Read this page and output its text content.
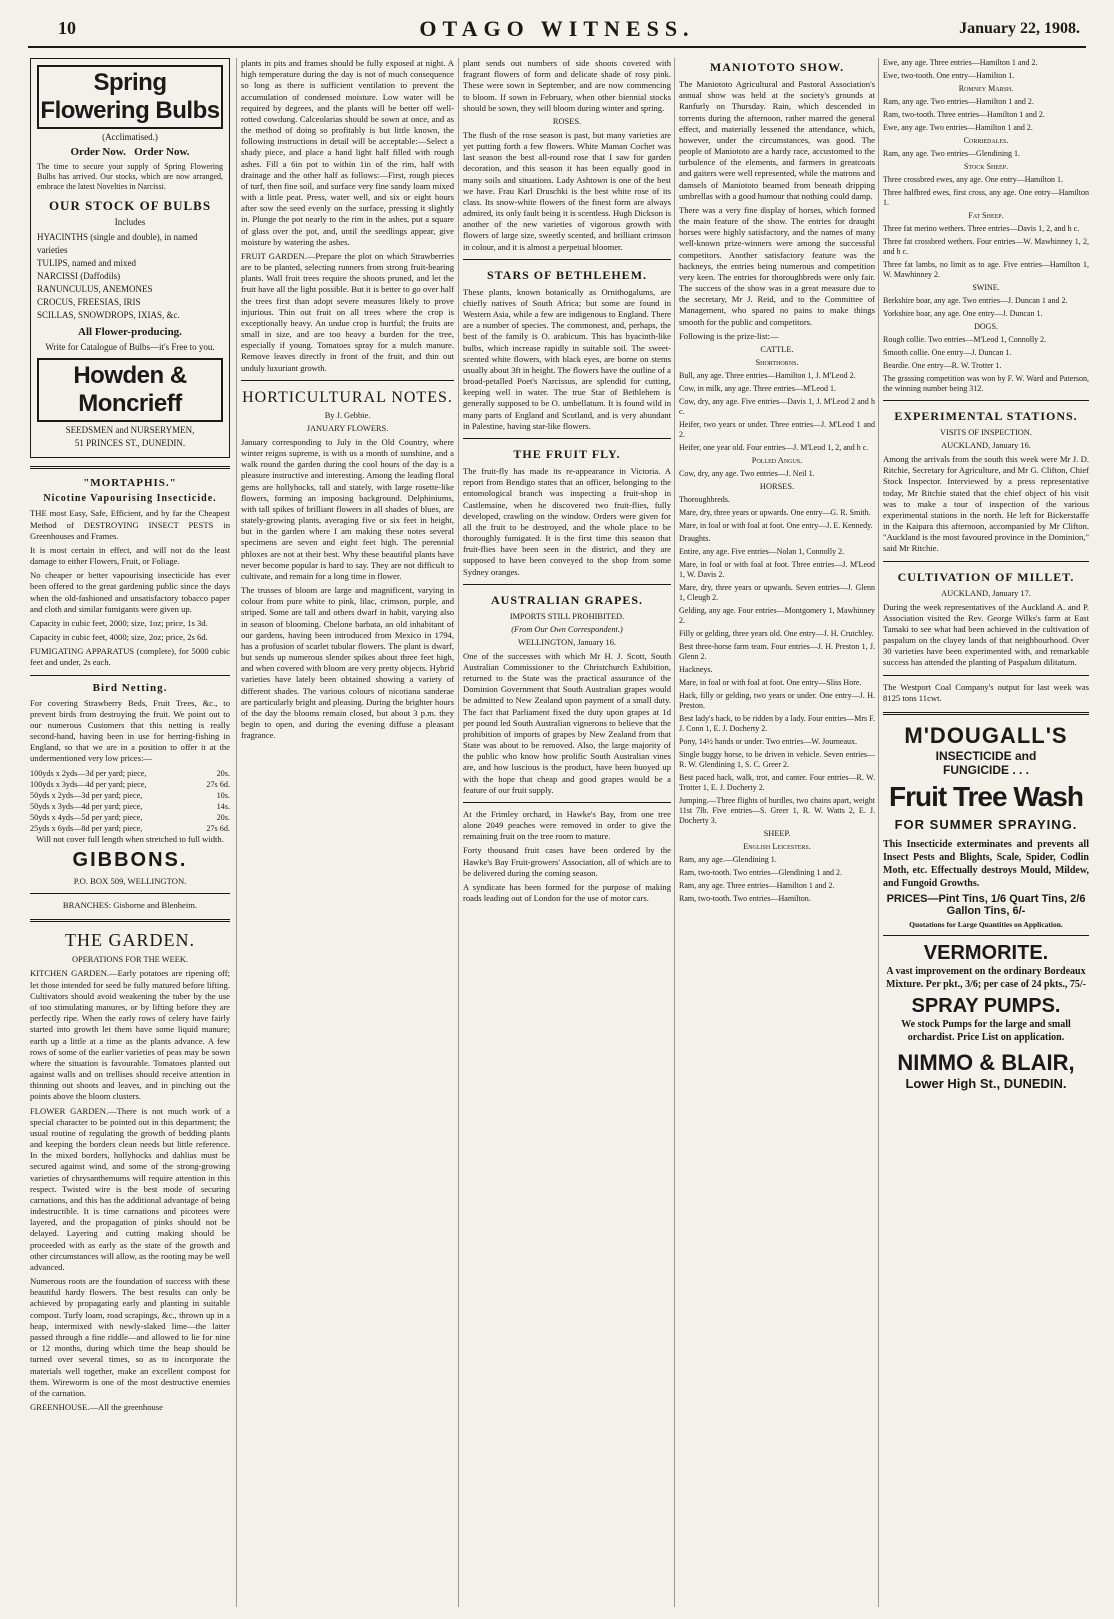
10	OTAGO WITNESS.	January 22, 1908.
Spring Flowering Bulbs
(Acclimatised.)
Order Now.   Order Now.

The time to secure your supply of Spring Flowering Bulbs has arrived. Our stocks, which are now arranged, embrace the latest Novelties in Narcissi.

OUR STOCK OF BULBS
Includes
HYACINTHS (single and double), in named varieties
TULIPS, named and mixed
NARCISSI (Daffodils)
RANUNCULUS, ANEMONES
CROCUS, FREESIAS, IRIS
SCILLAS, SNOWDROPS, IXIAS, &c.
All Flower-producing.
Write for Catalogue of Bulbs—it's Free to you.
Howden & Moncrieff
SEEDSMEN and NURSERYMEN,
51 PRINCES ST., DUNEDIN.
"MORTAPHIS."
Nicotine Vapourising Insecticide.

THE most Easy, Safe, Efficient, and by far the Cheapest Method of DESTROYING INSECT PESTS in Greenhouses and Frames.

It is most certain in effect, and will not do the least damage to either Flowers, Fruit, or Foliage.

No cheaper or better vapourising insecticide has ever been offered to the great gardening public since the days when the old-fashioned and unsatisfactory tobacco paper and cloth and similar fumigants were given up.

Capacity in cubic feet, 2000; size, 1oz; price, 1s 3d.

Capacity in cubic feet, 4000; size, 2oz; price, 2s 6d.

FUMIGATING APPARATUS (complete), for 5000 cubic feet and under, 2s each.

Bird Netting.

For covering Strawberry Beds, Fruit Trees, &c., to prevent birds from destroying the fruit. We point out to our numerous Customers that this netting is really second-hand, having been in use for herring-fishing in England, so that we are in a position to offer it at the undermentioned very low prices:—

100yds x 2yds—3d per yard; piece,	20s.
100yds x 3yds—4d per yard; piece,	27s 6d.
50yds x 2yds—3d per yard; piece,	10s.
50yds x 3yds—4d per yard; piece,	14s.
50yds x 4yds—5d per yard; piece,	20s.
25yds x 6yds—8d per yard; piece,	27s 6d.

Will not cover full length when stretched to full width.

GIBBONS.

P.O. BOX 509, WELLINGTON.

BRANCHES: Gisborne and Blenheim.

THE GARDEN.
OPERATIONS FOR THE WEEK.

KITCHEN GARDEN.—Early potatoes are ripening off; let those intended for seed be fully matured before lifting. Cultivators should avoid weakening the tuber by the use of too stimulating manures, or by lifting before they are perfectly ripe. When the early rows of celery have fairly started into growth let them have some liquid manure; earth up a little at a time as the plants advance. A few rows of some of the earlier varieties of peas may be sown where the situation is favourable. Tomatoes planted out against walls and on trellises should receive attention in thinning out shoots and leaves, and in pinching out the points above the bloom clusters.

FLOWER GARDEN.—There is not much work of a special character to be pointed out in this department; the usual routine of regulating the growth of bedding plants and keeping the borders clean needs but little reference. In the mixed borders, hollyhocks and dahlias must be secured against wind, and some of the strong-growing varieties of chrysanthemums will require attention in this respect. Twisted wire is the best mode of securing carnations, and this has the additional advantage of being indestructible. It is time carnations and picotees were layered, and the propagation of pinks should not be delayed. Layering and cutting making should be proceeded with as early as the state of the growth and other circumstances will allow, as the rooting may be well advanced.

Numerous roots are the foundation of success with these beautiful hardy flowers. The best results can only be achieved by propagating early and planting in suitable compost. Turfy loam, road scrapings, &c., thrown up in a heap, intermixed with newly-slaked lime—the latter passed through a fine riddle—and allowed to lie for nine or 12 months, during which time the heap should be turned over several times, so as to incorporate the materials well together, make an excellent compost for them. Wireworm is one of the most destructive enemies of the carnation.

GREENHOUSE.—All the greenhouse

plants in pits and frames should be fully exposed at night. A high temperature during the day is not of much consequence so long as there is sufficient ventilation to prevent the accumulation of condensed moisture. Low water will be required by degrees, and the plants will be better off well-rotted cowdung. Calceolarias should be sown at once, and as the method of doing so profitably is but little known, the following instructions in detail will be acceptable:—Select a shady piece, and place a hand light half filled with rough ashes. Fill a 6in pot to within 1in of the rim, half with drainage and the other half as follows:—First, rough pieces of turf, then fine soil, and surface very fine sandy loam mixed with a little peat. Press, water well, and six or eight hours after sow the seed evenly on the surface, pressing it slightly in. Plunge the pot nearly to the rim in the ashes, put a square of glass over the pot, and, until the seedlings appear, give moisture by watering the ashes.

FRUIT GARDEN.—Prepare the plot on which Strawberries are to be planted, selecting runners from strong fruit-bearing plants. Wall fruit trees require the shoots pruned, and let the fruit have all the light possible. But it is better to go over half the trees first than adopt severe measures likely to prove injurious. Thin out fruit on all trees where the crop is exceptionally heavy. An undue crop is hurtful; the fruits are small in size, and are too heavy a burden for the tree, especially if young. Tomatoes spray for a mulch manure. Remove leaves directly in front of the fruit, and thin out unduly luxuriant growth.

HORTICULTURAL NOTES.
By J. Gebbie.
JANUARY FLOWERS.

January corresponding to July in the Old Country, where winter reigns supreme, is with us a month of sunshine, and a walk round the garden during the cool hours of the day is a pleasure instructive and interesting. Among the leading floral gems are hollyhocks, tall and stately, with large rosette-like flowers, forming an imposing background. Delphiniums, with tall spikes of brilliant flowers in all shades of blues, are stately-growing plants, averaging five or six feet in height, but in the garden where I am making these notes several specimens are seven and eight feet high. The perennial phloxes are not at their best. Why these beautiful plants have never become popular is hard to say. They are not difficult to cultivate, and remain for a long time in flower.

The trusses of bloom are large and magnificent, varying in colour from pure white to pink, lilac, crimson, purple, and striped. Some are tall and others dwarf in habit, varying also in season of blooming. Chelone barbata, an old inhabitant of our gardens, having been introduced from Mexico in 1794, has a profusion of scarlet tubular flowers. The plant is dwarf, but sends up numerous slender spikes about three feet high, and when covered with bloom are very pretty objects. Hybrid varieties have lately been obtained showing a variety of different shades. The various colours of nicotiana sanderae are particularly bright and pleasing. During the brighter hours of the day the blooms remain closed, but about 3 p.m. they begin to open, and during the evening diffuse a pleasant fragrance.

plant sends out numbers of side shoots covered with fragrant flowers of form and delicate shade of rosy pink. These were sown in September, and are now commencing to bloom. If sown in February, when other biennial stocks should be sown, they will bloom during winter and spring.

ROSES.

The flush of the rose season is past, but many varieties are yet putting forth a few flowers. White Maman Cochet was last season the best all-round rose that I saw for garden decoration, and this season it has been equally good in many soils and situations. Lady Ashtown is one of the best we have. Frau Karl Druschki is the best white rose of its class. Its snow-white flowers of the finest form are always admired, its only fault being it is scentless. Hugh Dickson is another of the new varieties of vigorous growth with flowers of large size, sweetly scented, and brilliant crimson in colour, and it is almost a perpetual bloomer.

STARS OF BETHLEHEM.

These plants, known botanically as Ornithogalums, are chiefly natives of South Africa; but some are found in Western Asia, while a few are indigenous to England. There are a number of species. The commonest, and, perhaps, the best of the family is O. arabicum. This has hyacinth-like bulbs, which increase rapidly in suitable soil. The sweet-scented white flowers, with black eyes, are borne on stems usually about 3ft in height. The flowers have the outline of a broad-petalled Poet's Narcissus, are splendid for cutting, keeping well in water. The true Star of Bethlehem is generally supposed to be O. umbellatum. It is found wild in many parts of England and Scotland, and is very abundant in Palestine, having star-like flowers.

THE FRUIT FLY.

The fruit-fly has made its re-appearance in Victoria. A report from Bendigo states that an officer, belonging to the entomological branch was inspecting a fruit-shop in Castlemaine, when he discovered two fruit-flies, fully developed, crawling on the window. Orders were given for all the fruit to be destroyed, and the whole place to be thoroughly fumigated. It is the first time this season that fruit-flies have been seen in the district, and they are supposed to have been conveyed to the shop from some Sydney oranges.

AUSTRALIAN GRAPES.
IMPORTS STILL PROHIBITED.
(From Our Own Correspondent.)
WELLINGTON, January 16.

One of the successes with which Mr H. J. Scott, South Australian Commissioner to the Christchurch Exhibition, returned to the State was the practical assurance of the Dominion Government that South Australian grapes would be admitted to New Zealand upon payment of a small duty. The fact that Parliament fixed the duty upon grapes at 1d per pound led South Australian vignerons to believe that the prohibition of imports of grapes by New Zealand from that State was about to be removed. Also, the large majority of the public who know how prolific South Australian vines are, and how luscious is the product, have been buoyed up with the hope that cheap and good grapes would be a feature of our fruit supply.

At the Frimley orchard, in Hawke's Bay, from one tree alone 2049 peaches were removed in order to give the remaining fruit on the tree room to mature.

Forty thousand fruit cases have been ordered by the Hawke's Bay Fruit-growers' Association, all of which are to be delivered during the coming season.

A syndicate has been formed for the purpose of making roads leading out of London for the use of motor cars.

MANIOTOTO SHOW.

The Maniototo Agricultural and Pastoral Association's annual show was held at the society's grounds at Ranfurly on Thursday. Rain, which descended in torrents during the afternoon, rather marred the general effect, and materially lessened the attendance, which, however, under the circumstances, was good. The people of Maniototo are a hardy race, accustomed to the turbulence of the elements, and farmers in greatcoats and gaiters were well represented, while the matrons and damsels of Maniototo beamed from beneath dripping umbrellas with a good humour that nothing could damp.

There was a very fine display of horses, which formed the main feature of the show. The entries for draught horses were highly satisfactory, and the names of many well-known prize-winners were among the successful competitors. Another satisfactory feature was the hackneys, the entries being numerous and competition very keen. The entries for thoroughbreds were only fair. The success of the show was in a great measure due to the secretary, Mr J. Reid, and to the Committee of Management, who spared no pains to make things smooth for the public and competitors.

Following is the prize-list:—

CATTLE.
Shorthorns.

Bull, any age. Three entries—Hamilton 1, J. M'Leod 2.

Cow, in milk, any age. Three entries—M'Leod 1.

Cow, dry, any age. Five entries—Davis 1, J. M'Leod 2 and h c.

Heifer, two years or under. Three entries—J. M'Leod 1 and 2.

Heifer, one year old. Four entries—J. M'Leod 1, 2, and h c.

Polled Angus.

Cow, dry, any age. Two entries—J. Neil 1.

HORSES.

Thoroughbreds.

Mare, dry, three years or upwards. One entry—G. R. Smith.

Mare, in foal or with foal at foot. One entry—J. E. Kennedy.

Draughts.

Entire, any age. Five entries—Nolan 1, Connolly 2.

Mare, in foal or with foal at foot. Three entries—J. M'Leod 1, W. Davis 2.

Mare, dry, three years or upwards. Seven entries—J. Glenn 1, Cleugh 2.

Gelding, any age. Four entries—Montgomery 1, Mawhinney 2.

Filly or gelding, three years old. One entry—J. H. Crutchley.

Best three-horse farm team. Four entries—J. H. Preston 1, J. Glenn 2.

Hackneys.

Mare, in foal or with foal at foot. One entry—Sliss Hore.

Hack, filly or gelding, two years or under. One entry—J. H. Preston.

Best lady's hack, to be ridden by a lady. Four entries—Mrs F. J. Conn 1, E. J. Docherty 2.

Pony, 14½ hands or under. Two entries—W. Journeaux.

Single buggy horse, to be driven in vehicle. Seven entries—R. W. Glendining 1, S. C. Greer 2.

Best paced hack, walk, trot, and canter. Four entries—R. W. Trotter 1, E. J. Docherty 2.

Jumping.—Three flights of hurdles, two chains apart, weight 11st 7lb. Five entries—S. Greer 1, R. W. Watts 2, E. J. Docherty 3.

SHEEP.
English Leicesters.

Ram, any age.—Glendining 1.

Ram, two-tooth. Two entries—Glendining 1 and 2.

Ram, any age. Three entries—Hamilton 1 and 2.

Ram, two-tooth. Two entries—Hamilton.

Ewe, any age. Three entries—Hamilton 1 and 2.

Ewe, two-tooth. One entry—Hamilton 1.

Romney Marsh.

Ram, any age. Two entries—Hamilton 1 and 2.

Ram, two-tooth. Three entries—Hamilton 1 and 2.

Ewe, any age. Two entries—Hamilton 1 and 2.

Corriedales.

Ram, any age. Two entries—Glendining 1.

Stock Sheep.

Three crossbred ewes, any age. One entry—Hamilton 1.

Three halfbred ewes, first cross, any age. One entry—Hamilton 1.

Fat Sheep.

Three fat merino wethers. Three entries—Davis 1, 2, and h c.

Three fat crossbred wethers. Four entries—W. Mawhinney 1, 2, and h c.

Three fat lambs, no limit as to age. Five entries—Hamilton 1, W. Mawhinney 2.

SWINE.

Berkshire boar, any age. Two entries—J. Duncan 1 and 2.

Yorkshire boar, any age. One entry—J. Duncan 1.

DOGS.

Rough collie. Two entries—M'Leod 1, Connolly 2.

Smooth collie. One entry—J. Duncan 1.

Beardie. One entry—R. W. Trotter 1.

The grassing competition was won by F. W. Ward and Paterson, the winning number being 312.

EXPERIMENTAL STATIONS.
VISITS OF INSPECTION.
AUCKLAND, January 16.

Among the arrivals from the south this week were Mr J. D. Ritchie, Secretary for Agriculture, and Mr G. Clifton, Chief Stock Inspector. Interviewed by a press representative today, Mr Ritchie stated that the chief object of his visit was to make a tour of inspection of the various experimental stations in the north. He left for Bickerstaffe in the Kaipara this afternoon, accompanied by Mr Clifton. "Auckland is the most favoured province in the Dominion," said Mr Ritchie.

CULTIVATION OF MILLET.
AUCKLAND, January 17.

During the week representatives of the Auckland A. and P. Association visited the Rev. George Wilks's farm at East Tamaki to see what had been achieved in the cultivation of paspalum on the clayey lands of that neighbourhood. Over 30 varieties have been experimented with, and remarkable success has attended the planting of Paspalum dilitatum.

The Westport Coal Company's output for last week was 8125 tons 11cwt.

M'DOUGALL'S
INSECTICIDE and
FUNGICIDE . . .
Fruit Tree Wash
FOR SUMMER SPRAYING.

This Insecticide exterminates and prevents all Insect Pests and Blights, Scale, Spider, Codlin Moth, etc. Effectually destroys Mould, Mildew, and Fungoid Growths.

PRICES—Pint Tins, 1/6 Quart Tins, 2/6 Gallon Tins, 6/-
Quotations for Large Quantities on Application.
VERMORITE.

A vast improvement on the ordinary Bordeaux Mixture. Per pkt., 3/6; per case of 24 pkts., 75/-

SPRAY PUMPS.

We stock Pumps for the large and small orchardist. Price List on application.

NIMMO & BLAIR,
Lower High St., DUNEDIN.
